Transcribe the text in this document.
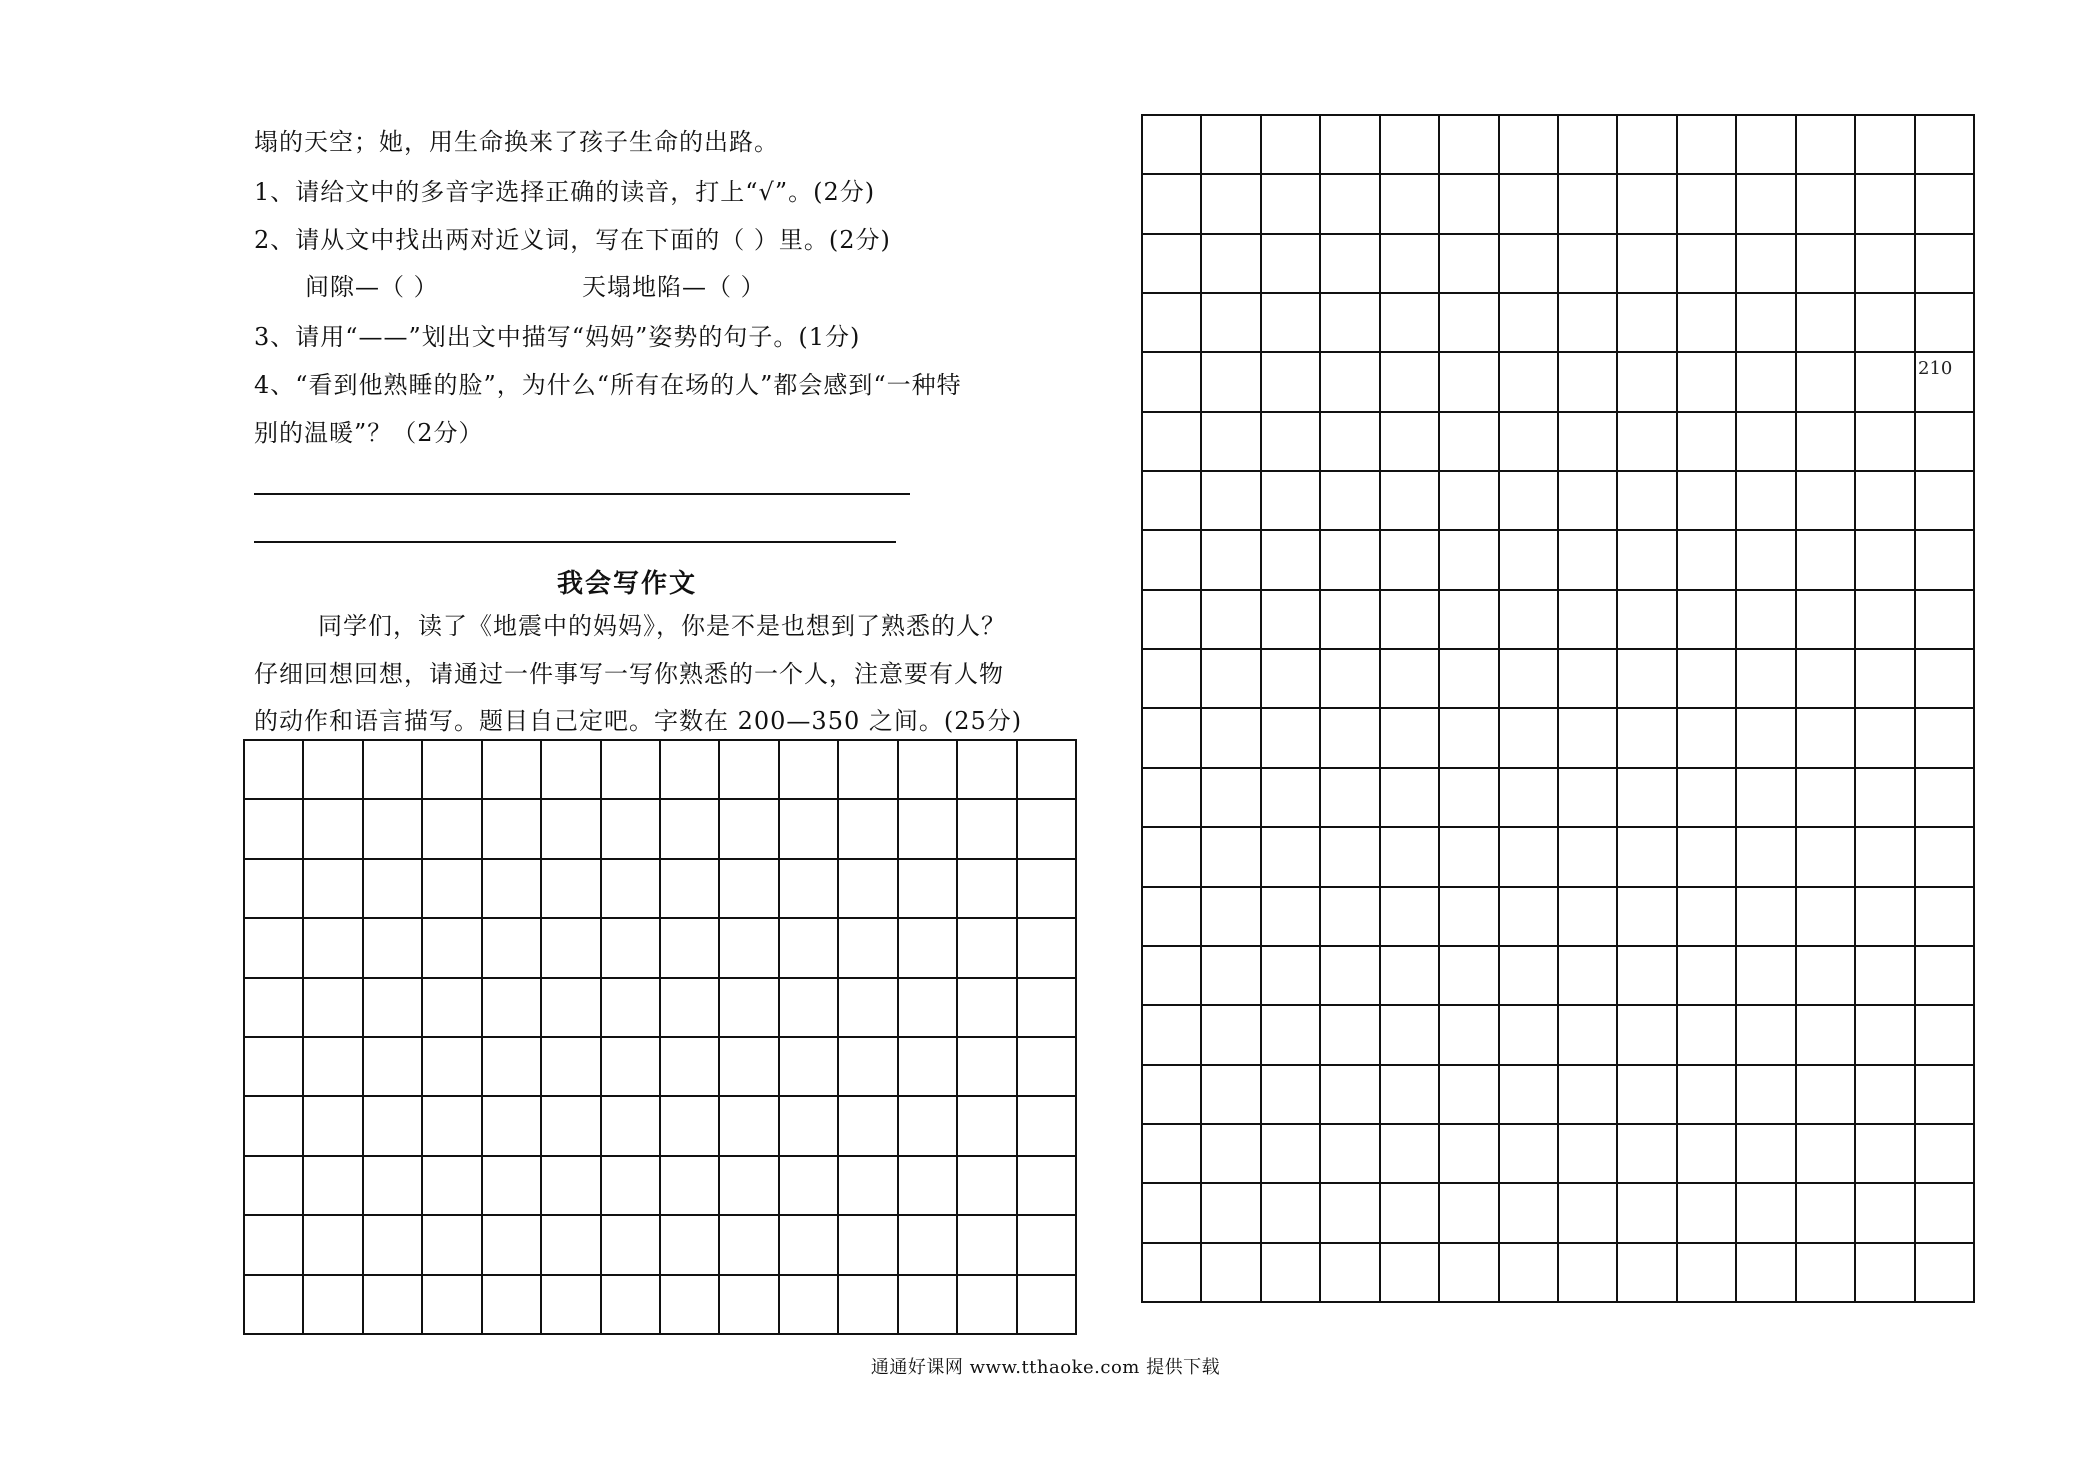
塌的天空；她，用生命换来了孩子生命的出路。
1、请给文中的多音字选择正确的读音，打上“√”。(2分)
2、请从文中找出两对近义词，写在下面的（ ）里。(2分)
间隙—（ ）	天塌地陷—（ ）
3、请用“——”划出文中描写“妈妈”姿势的句子。(1分)
4、“看到他熟睡的脸”，为什么“所有在场的人”都会感到“一种特
别的温暖”？（2分）
我会写作文
同学们，读了《地震中的妈妈》，你是不是也想到了熟悉的人？
仔细回想回想，请通过一件事写一写你熟悉的一个人，注意要有人物
的动作和语言描写。题目自己定吧。字数在 200—350 之间。(25分)
210
通通好课网 www.tthaoke.com 提供下载
